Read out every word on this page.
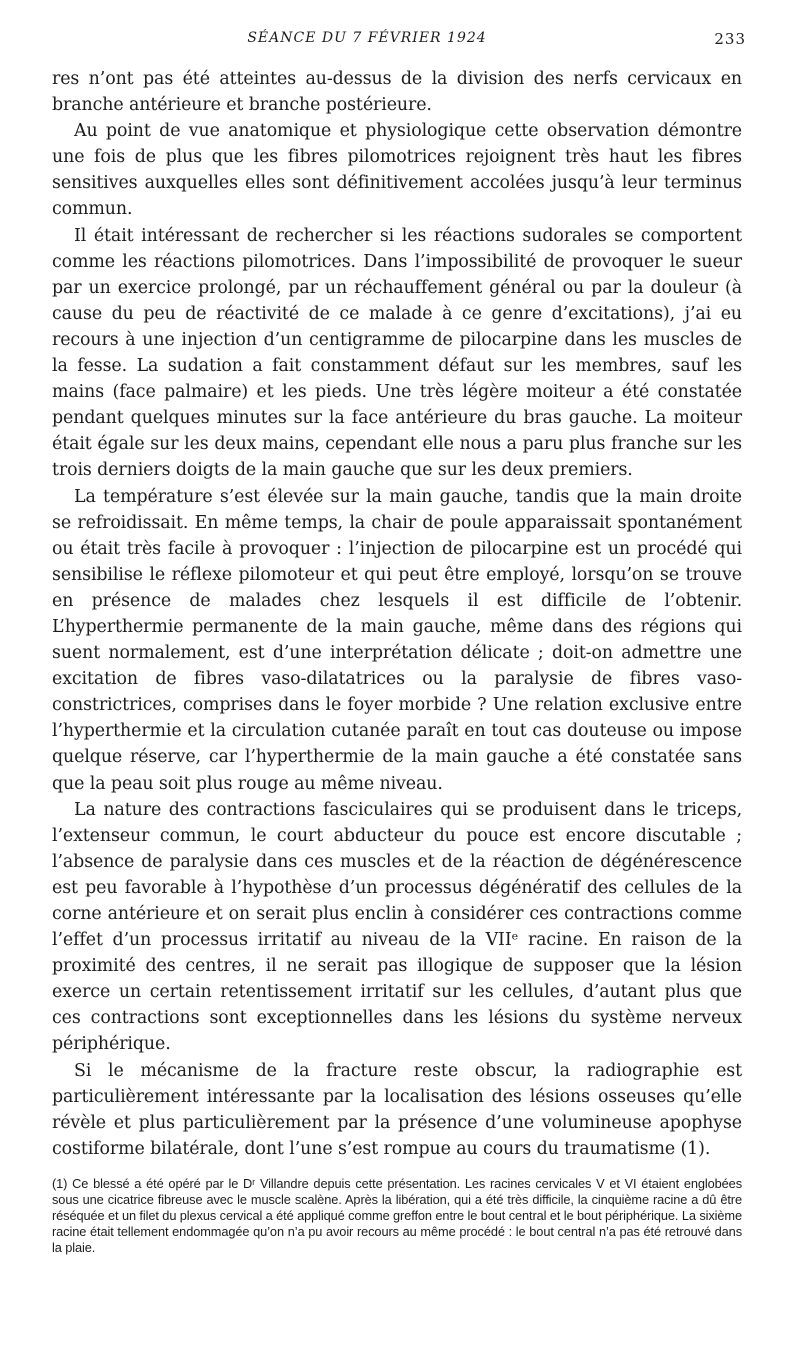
SÉANCE DU 7 FÉVRIER 1924	233

res n’ont pas été atteintes au-dessus de la division des nerfs cervicaux en branche antérieure et branche postérieure.

Au point de vue anatomique et physiologique cette observation démontre une fois de plus que les fibres pilomotrices rejoignent très haut les fibres sensitives auxquelles elles sont définitivement accolées jusqu’à leur terminus commun.

Il était intéressant de rechercher si les réactions sudorales se comportent comme les réactions pilomotrices. Dans l’impossibilité de provoquer le sueur par un exercice prolongé, par un réchauffement général ou par la douleur (à cause du peu de réactivité de ce malade à ce genre d’excitations), j’ai eu recours à une injection d’un centigramme de pilocarpine dans les muscles de la fesse. La sudation a fait constamment défaut sur les membres, sauf les mains (face palmaire) et les pieds. Une très légère moiteur a été constatée pendant quelques minutes sur la face antérieure du bras gauche. La moiteur était égale sur les deux mains, cependant elle nous a paru plus franche sur les trois derniers doigts de la main gauche que sur les deux premiers.

La température s’est élevée sur la main gauche, tandis que la main droite se refroidissait. En même temps, la chair de poule apparaissait spontanément ou était très facile à provoquer : l’injection de pilocarpine est un procédé qui sensibilise le réflexe pilomoteur et qui peut être employé, lorsqu’on se trouve en présence de malades chez lesquels il est difficile de l’obtenir. L’hyperthermie permanente de la main gauche, même dans des régions qui suent normalement, est d’une interprétation délicate ; doit-on admettre une excitation de fibres vaso-dilatatrices ou la paralysie de fibres vaso-constrictrices, comprises dans le foyer morbide ? Une relation exclusive entre l’hyperthermie et la circulation cutanée paraît en tout cas douteuse ou impose quelque réserve, car l’hyperthermie de la main gauche a été constatée sans que la peau soit plus rouge au même niveau.

La nature des contractions fasciculaires qui se produisent dans le triceps, l’extenseur commun, le court abducteur du pouce est encore discutable ; l’absence de paralysie dans ces muscles et de la réaction de dégénérescence est peu favorable à l’hypothèse d’un processus dégénératif des cellules de la corne antérieure et on serait plus enclin à considérer ces contractions comme l’effet d’un processus irritatif au niveau de la VIIᵉ racine. En raison de la proximité des centres, il ne serait pas illogique de supposer que la lésion exerce un certain retentissement irritatif sur les cellules, d’autant plus que ces contractions sont exceptionnelles dans les lésions du système nerveux périphérique.

Si le mécanisme de la fracture reste obscur, la radiographie est particulièrement intéressante par la localisation des lésions osseuses qu’elle révèle et plus particulièrement par la présence d’une volumineuse apophyse costiforme bilatérale, dont l’une s’est rompue au cours du traumatisme (1).

(1) Ce blessé a été opéré par le Dʳ Villandre depuis cette présentation. Les racines cervicales V et VI étaient englobées sous une cicatrice fibreuse avec le muscle scalène. Après la libération, qui a été très difficile, la cinquième racine a dû être réséquée et un filet du plexus cervical a été appliqué comme greffon entre le bout central et le bout périphérique. La sixième racine était tellement endommagée qu’on n’a pu avoir recours au même procédé : le bout central n’a pas été retrouvé dans la plaie.
